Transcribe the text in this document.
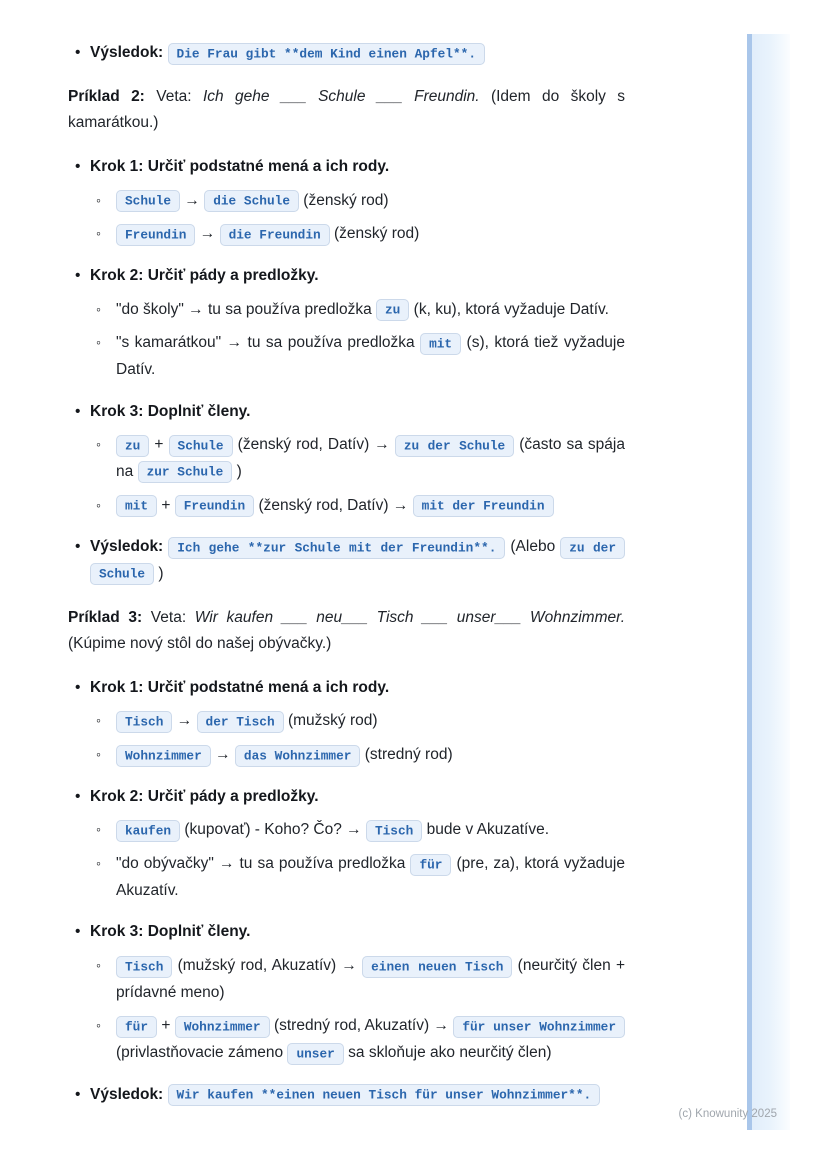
• Výsledok: Die Frau gibt **dem Kind einen Apfel**.
Príklad 2: Veta: Ich gehe ___ Schule ___ Freundin. (Idem do školy s kamarátkou.)
• Krok 1: Určiť podstatné mená a ich rody.
◦ Schule → die Schule (ženský rod)
◦ Freundin → die Freundin (ženský rod)
• Krok 2: Určiť pády a predložky.
◦ "do školy" → tu sa používa predložka zu (k, ku), ktorá vyžaduje Datív.
◦ "s kamarátkou" → tu sa používa predložka mit (s), ktorá tiež vyžaduje Datív.
• Krok 3: Doplniť členy.
◦ zu + Schule (ženský rod, Datív) → zu der Schule (často sa spája na zur Schule )
◦ mit + Freundin (ženský rod, Datív) → mit der Freundin
• Výsledok: Ich gehe **zur Schule mit der Freundin**. (Alebo zu der Schule )
Príklad 3: Veta: Wir kaufen ___ neu___ Tisch ___ unser___ Wohnzimmer. (Kúpime nový stôl do našej obývačky.)
• Krok 1: Určiť podstatné mená a ich rody.
◦ Tisch → der Tisch (mužský rod)
◦ Wohnzimmer → das Wohnzimmer (stredný rod)
• Krok 2: Určiť pády a predložky.
◦ kaufen (kupovať) - Koho? Čo? → Tisch bude v Akuzatíve.
◦ "do obývačky" → tu sa používa predložka für (pre, za), ktorá vyžaduje Akuzatív.
• Krok 3: Doplniť členy.
◦ Tisch (mužský rod, Akuzatív) → einen neuen Tisch (neurčitý člen + prídavné meno)
◦ für + Wohnzimmer (stredný rod, Akuzatív) → für unser Wohnzimmer (privlastňovacie zámeno unser sa skloňuje ako neurčitý člen)
• Výsledok: Wir kaufen **einen neuen Tisch für unser Wohnzimmer**.
(c) Knowunity 2025
